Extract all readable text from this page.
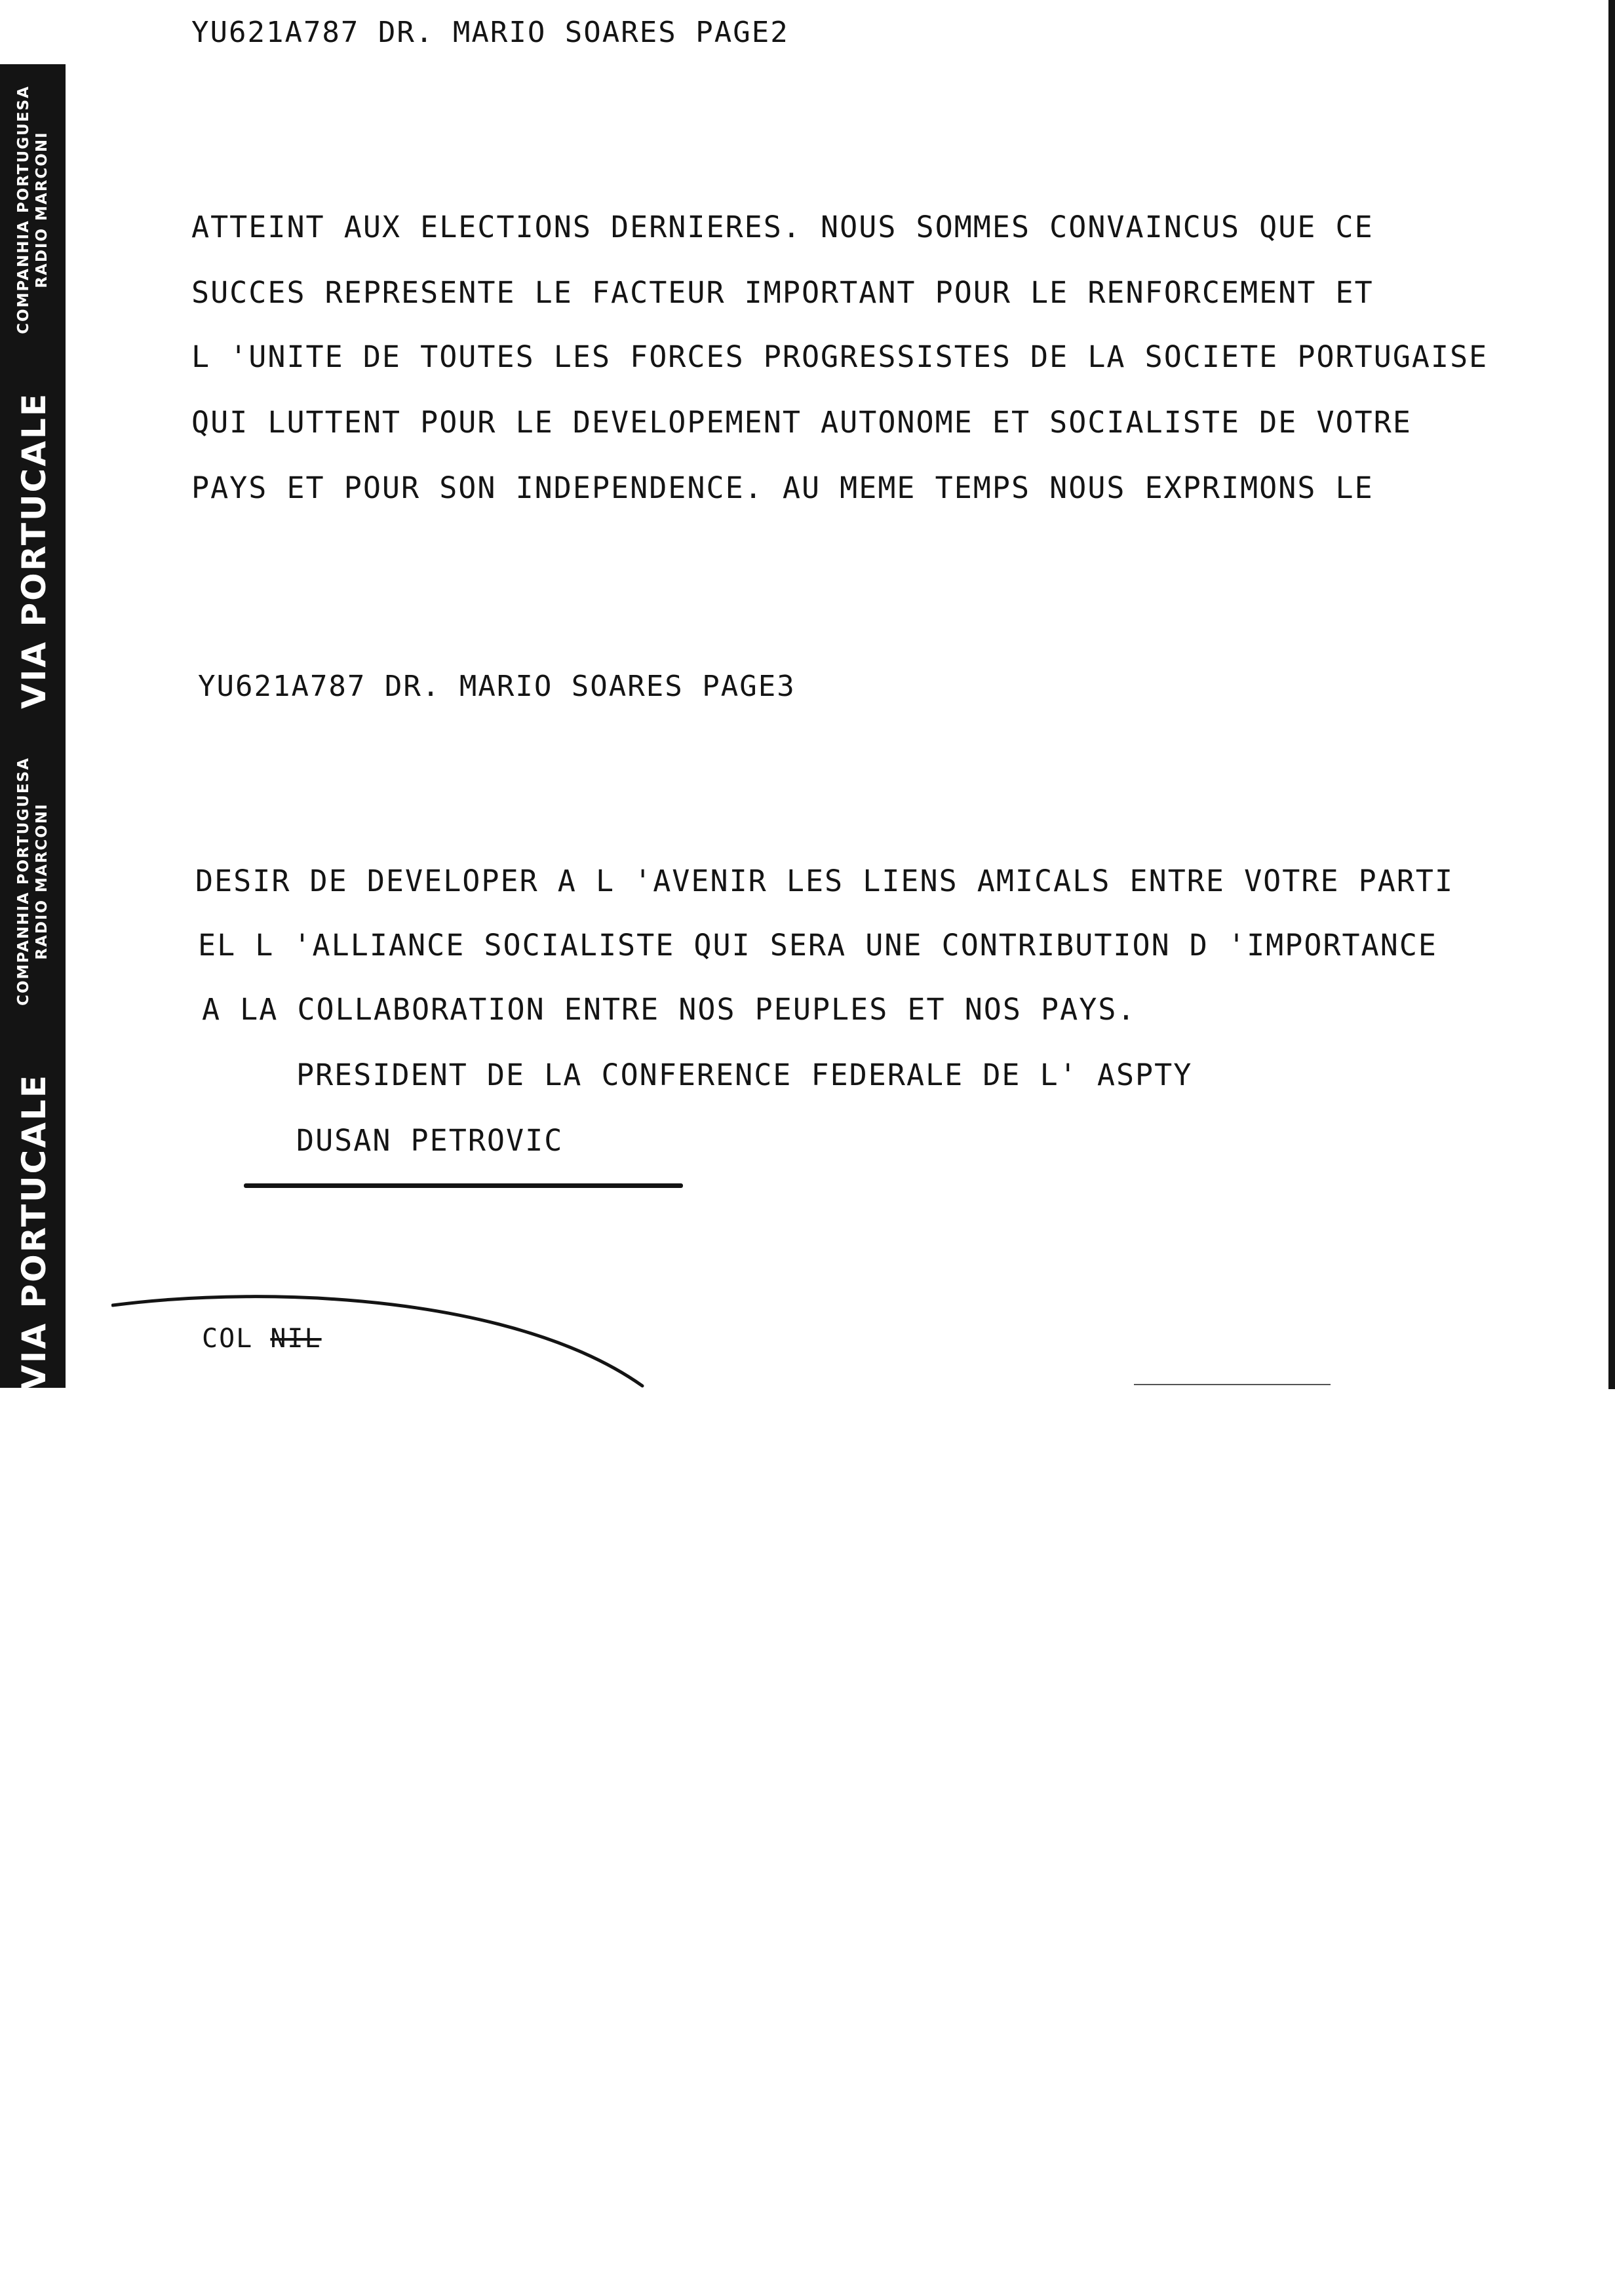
COMPANHIA PORTUGUESA RADIO MARCONI
VIA PORTUCALE
COMPANHIA PORTUGUESA RADIO MARCONI
VIA PORTUCALE
YU621A787 DR. MARIO SOARES PAGE2
ATTEINT AUX ELECTIONS DERNIERES. NOUS SOMMES CONVAINCUS QUE CE
SUCCES REPRESENTE LE FACTEUR IMPORTANT POUR LE RENFORCEMENT ET
L 'UNITE DE TOUTES LES FORCES PROGRESSISTES DE LA SOCIETE PORTUGAISE
QUI LUTTENT POUR LE DEVELOPEMENT AUTONOME ET SOCIALISTE DE VOTRE
PAYS ET POUR SON INDEPENDENCE. AU MEME TEMPS NOUS EXPRIMONS LE
YU621A787 DR. MARIO SOARES PAGE3
DESIR DE DEVELOPER A L 'AVENIR LES LIENS AMICALS ENTRE VOTRE PARTI
EL L 'ALLIANCE SOCIALISTE QUI SERA UNE CONTRIBUTION D 'IMPORTANCE
A LA COLLABORATION ENTRE NOS PEUPLES ET NOS PAYS.
PRESIDENT DE LA CONFERENCE FEDERALE DE L' ASPTY
DUSAN PETROVIC
COL NIL
